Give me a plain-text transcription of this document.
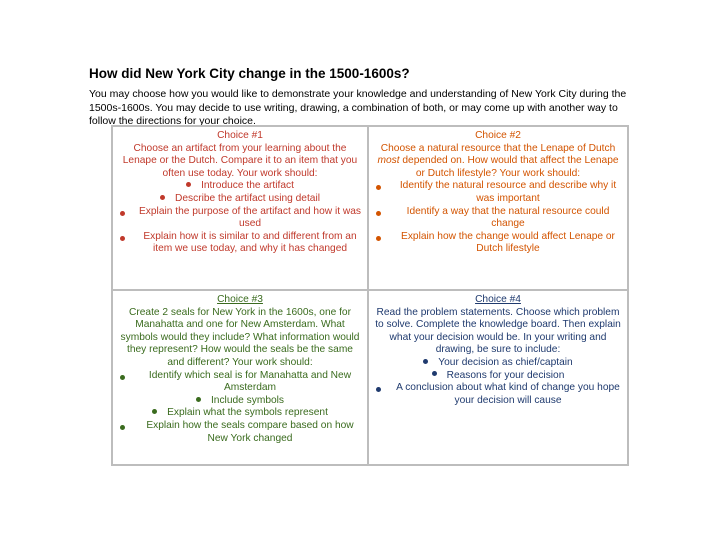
How did New York City change in the 1500-1600s?

You may choose how you would like to demonstrate your knowledge and understanding of New York City during the 1500s-1600s. You may decide to use writing, drawing, a combination of both, or may come up with another way to follow the directions for your choice.

Choice #1
Choose an artifact from your learning about the Lenape or the Dutch. Compare it to an item that you often use today. Your work should:
Introduce the artifact
Describe the artifact using detail
Explain the purpose of the artifact and how it was used
Explain how it is similar to and different from an item we use today, and why it has changed
Choice #2
Choose a natural resource that the Lenape of Dutch most depended on. How would that affect the Lenape or Dutch lifestyle? Your work should:
Identify the natural resource and describe why it was important
Identify a way that the natural resource could change
Explain how the change would affect Lenape or Dutch lifestyle
Choice #3
Create 2 seals for New York in the 1600s, one for Manahatta and one for New Amsterdam. What symbols would they include? What information would they represent? How would the seals be the same and different? Your work should:
Identify which seal is for Manahatta and New Amsterdam
Include symbols
Explain what the symbols represent
Explain how the seals compare based on how New York changed
Choice #4
Read the problem statements. Choose which problem to solve. Complete the knowledge board. Then explain what your decision would be. In your writing and drawing, be sure to include:
Your decision as chief/captain
Reasons for your decision
A conclusion about what kind of change you hope your decision will cause
